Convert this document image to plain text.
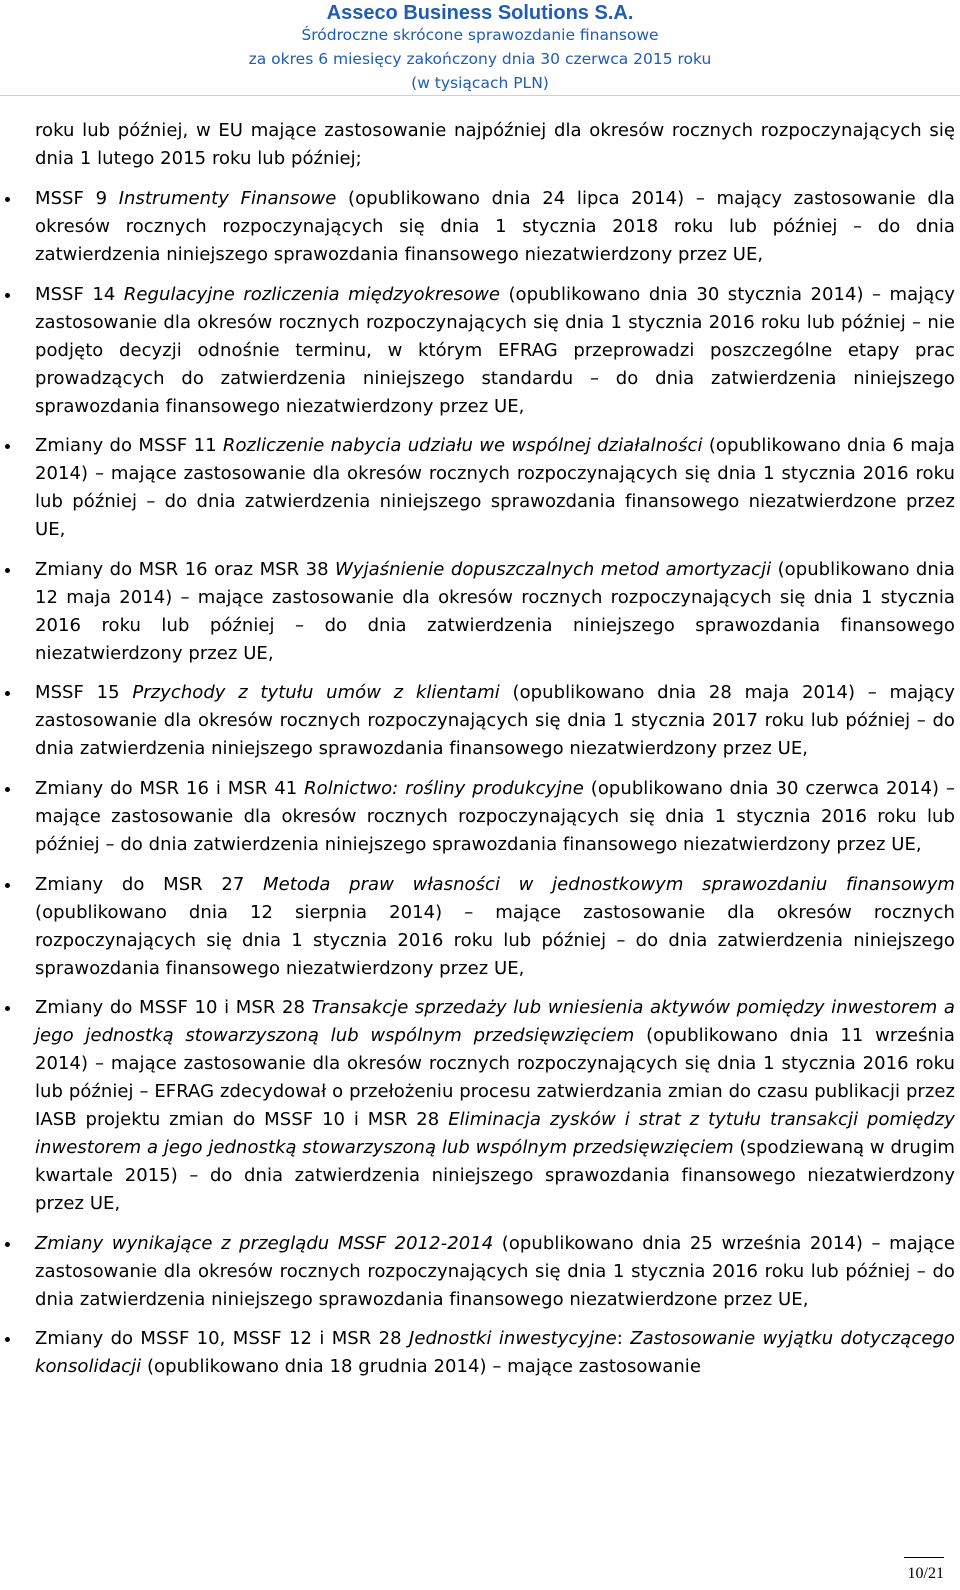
Asseco Business Solutions S.A.
Śródroczne skrócone sprawozdanie finansowe
za okres 6 miesięcy zakończony dnia 30 czerwca 2015 roku
(w tysiącach PLN)

roku lub później, w EU mające zastosowanie najpóźniej dla okresów rocznych rozpoczynających się dnia 1 lutego 2015 roku lub później;

MSSF 9 Instrumenty Finansowe (opublikowano dnia 24 lipca 2014) – mający zastosowanie dla okresów rocznych rozpoczynających się dnia 1 stycznia 2018 roku lub później – do dnia zatwierdzenia niniejszego sprawozdania finansowego niezatwierdzony przez UE,
MSSF 14 Regulacyjne rozliczenia międzyokresowe (opublikowano dnia 30 stycznia 2014) – mający zastosowanie dla okresów rocznych rozpoczynających się dnia 1 stycznia 2016 roku lub później – nie podjęto decyzji odnośnie terminu, w którym EFRAG przeprowadzi poszczególne etapy prac prowadzących do zatwierdzenia niniejszego standardu – do dnia zatwierdzenia niniejszego sprawozdania finansowego niezatwierdzony przez UE,
Zmiany do MSSF 11 Rozliczenie nabycia udziału we wspólnej działalności (opublikowano dnia 6 maja 2014) – mające zastosowanie dla okresów rocznych rozpoczynających się dnia 1 stycznia 2016 roku lub później – do dnia zatwierdzenia niniejszego sprawozdania finansowego niezatwierdzone przez UE,
Zmiany do MSR 16 oraz MSR 38 Wyjaśnienie dopuszczalnych metod amortyzacji (opublikowano dnia 12 maja 2014) – mające zastosowanie dla okresów rocznych rozpoczynających się dnia 1 stycznia 2016 roku lub później – do dnia zatwierdzenia niniejszego sprawozdania finansowego niezatwierdzony przez UE,
MSSF 15 Przychody z tytułu umów z klientami (opublikowano dnia 28 maja 2014) – mający zastosowanie dla okresów rocznych rozpoczynających się dnia 1 stycznia 2017 roku lub później – do dnia zatwierdzenia niniejszego sprawozdania finansowego niezatwierdzony przez UE,
Zmiany do MSR 16 i MSR 41 Rolnictwo: rośliny produkcyjne (opublikowano dnia 30 czerwca 2014) – mające zastosowanie dla okresów rocznych rozpoczynających się dnia 1 stycznia 2016 roku lub później – do dnia zatwierdzenia niniejszego sprawozdania finansowego niezatwierdzony przez UE,
Zmiany do MSR 27 Metoda praw własności w jednostkowym sprawozdaniu finansowym (opublikowano dnia 12 sierpnia 2014) – mające zastosowanie dla okresów rocznych rozpoczynających się dnia 1 stycznia 2016 roku lub później – do dnia zatwierdzenia niniejszego sprawozdania finansowego niezatwierdzony przez UE,
Zmiany do MSSF 10 i MSR 28 Transakcje sprzedaży lub wniesienia aktywów pomiędzy inwestorem a jego jednostką stowarzyszoną lub wspólnym przedsięwzięciem (opublikowano dnia 11 września 2014) – mające zastosowanie dla okresów rocznych rozpoczynających się dnia 1 stycznia 2016 roku lub później – EFRAG zdecydował o przełożeniu procesu zatwierdzania zmian do czasu publikacji przez IASB projektu zmian do MSSF 10 i MSR 28 Eliminacja zysków i strat z tytułu transakcji pomiędzy inwestorem a jego jednostką stowarzyszoną lub wspólnym przedsięwzięciem (spodziewaną w drugim kwartale 2015) – do dnia zatwierdzenia niniejszego sprawozdania finansowego niezatwierdzony przez UE,
Zmiany wynikające z przeglądu MSSF 2012-2014 (opublikowano dnia 25 września 2014) – mające zastosowanie dla okresów rocznych rozpoczynających się dnia 1 stycznia 2016 roku lub później – do dnia zatwierdzenia niniejszego sprawozdania finansowego niezatwierdzone przez UE,
Zmiany do MSSF 10, MSSF 12 i MSR 28 Jednostki inwestycyjne: Zastosowanie wyjątku dotyczącego konsolidacji (opublikowano dnia 18 grudnia 2014) – mające zastosowanie
10/21
